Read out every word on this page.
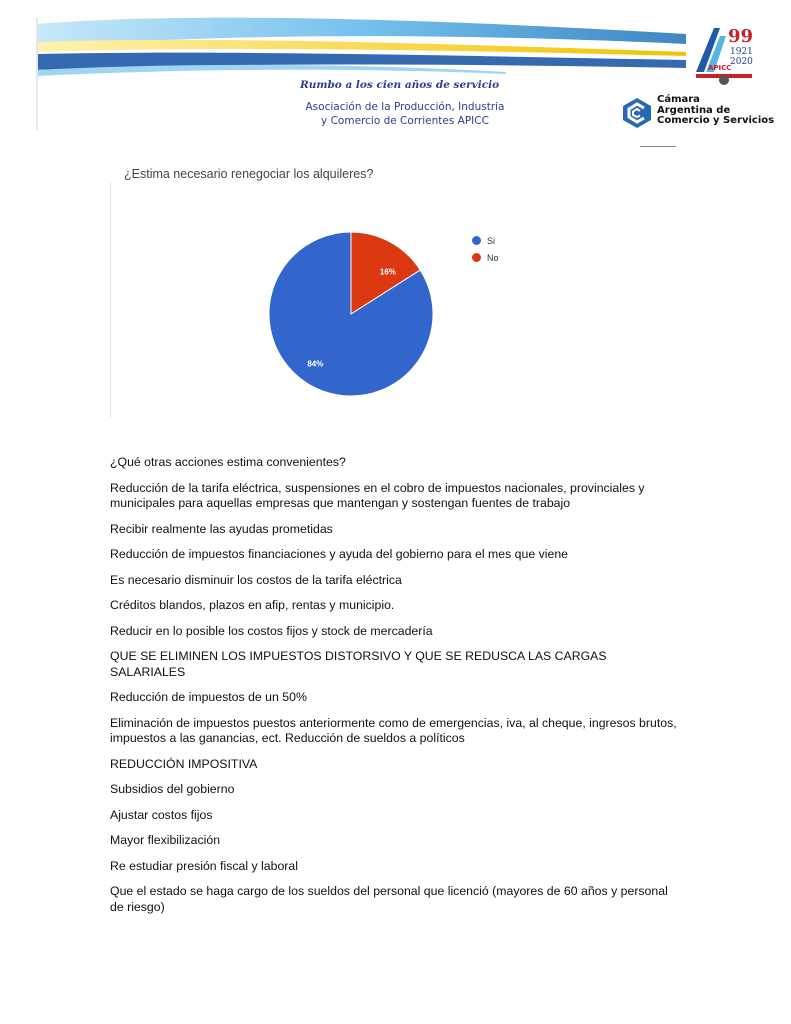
Rumbo a los cien años de servicio
Asociación de la Producción, Industria
y Comercio de Corrientes APICC
99
1921
2020
APICC
Cámara
Argentina de
Comercio y Servicios
¿Estima necesario renegociar los alquileres?
16%
84%
Si
No

¿Qué otras acciones estima convenientes?

Reducción de la tarifa eléctrica, suspensiones en el cobro de impuestos nacionales, provinciales y municipales para aquellas empresas que mantengan y sostengan fuentes de trabajo

Recibir realmente las ayudas prometidas

Reducción de impuestos financiaciones y ayuda del gobierno para el mes que viene

Es necesario disminuir los costos de la tarifa eléctrica

Créditos blandos, plazos en afip, rentas y municipio.

Reducir en lo posible los costos fijos y stock de mercadería

QUE SE ELIMINEN LOS IMPUESTOS DISTORSIVO Y QUE SE REDUSCA LAS CARGAS SALARIALES

Reducción de impuestos de un 50%

Eliminación de impuestos puestos anteriormente como de emergencias, iva, al cheque, ingresos brutos, impuestos a las ganancias, ect. Reducción de sueldos a políticos

REDUCCIÓN IMPOSITIVA

Subsidios del gobierno

Ajustar costos fijos

Mayor flexibilización

Re estudiar presión fiscal y laboral

Que el estado se haga cargo de los sueldos del personal que licenció (mayores de 60 años y personal de riesgo)
